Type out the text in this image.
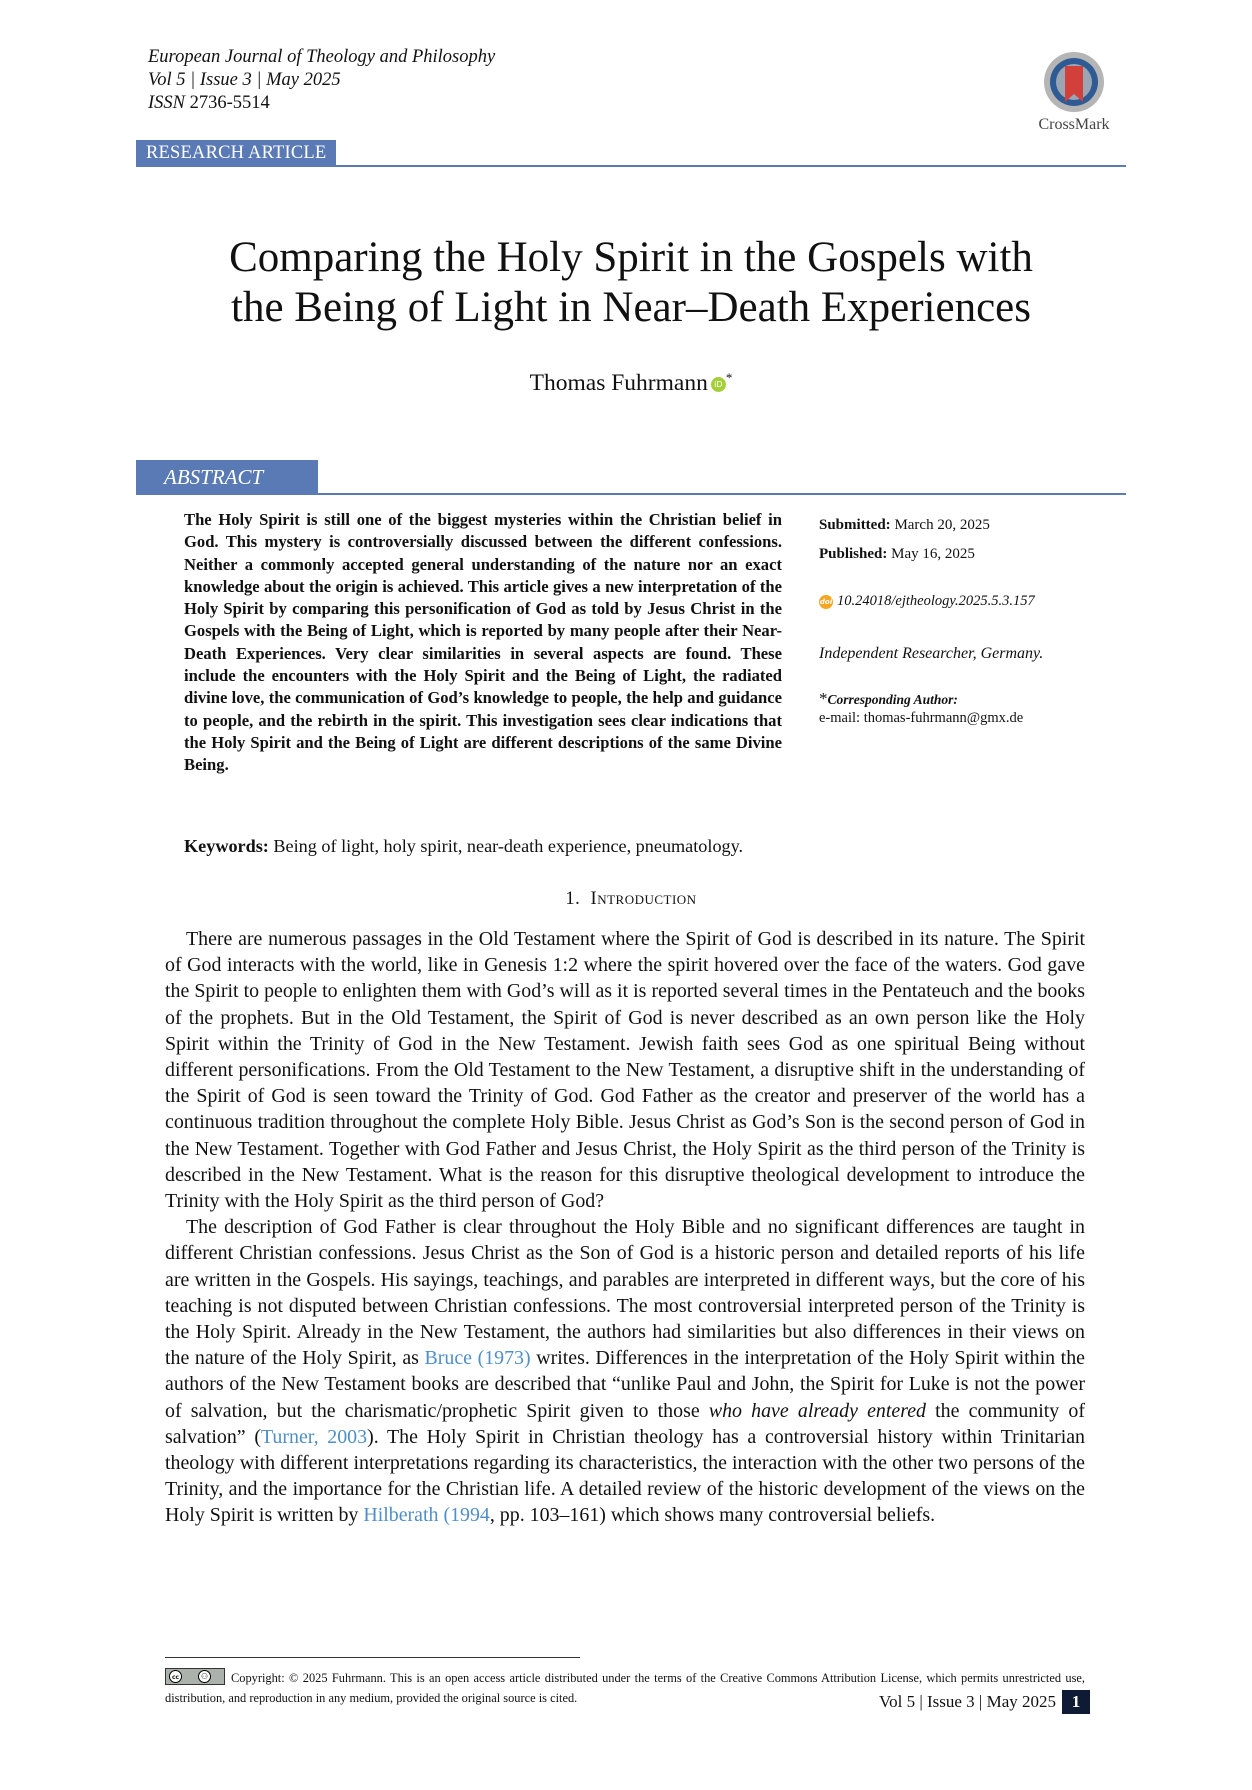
European Journal of Theology and Philosophy
Vol 5 | Issue 3 | May 2025
ISSN 2736-5514
CrossMark
RESEARCH ARTICLE
Comparing the Holy Spirit in the Gospels with
the Being of Light in Near–Death Experiences
Thomas Fuhrmann iD *
ABSTRACT
The Holy Spirit is still one of the biggest mysteries within the Christian belief in God. This mystery is controversially discussed between the different confessions. Neither a commonly accepted general understanding of the nature nor an exact knowledge about the origin is achieved. This article gives a new interpretation of the Holy Spirit by comparing this personification of God as told by Jesus Christ in the Gospels with the Being of Light, which is reported by many people after their Near-Death Experiences. Very clear similarities in several aspects are found. These include the encounters with the Holy Spirit and the Being of Light, the radiated divine love, the communication of God’s knowledge to people, the help and guidance to people, and the rebirth in the spirit. This investigation sees clear indications that the Holy Spirit and the Being of Light are different descriptions of the same Divine Being.
Keywords: Being of light, holy spirit, near-death experience, pneumatology.
Submitted: March 20, 2025
Published: May 16, 2025
doi 10.24018/ejtheology.2025.5.3.157
Independent Researcher, Germany.
*Corresponding Author:
e-mail: thomas-fuhrmann@gmx.de
1. Introduction

There are numerous passages in the Old Testament where the Spirit of God is described in its nature. The Spirit of God interacts with the world, like in Genesis 1:2 where the spirit hovered over the face of the waters. God gave the Spirit to people to enlighten them with God’s will as it is reported several times in the Pentateuch and the books of the prophets. But in the Old Testament, the Spirit of God is never described as an own person like the Holy Spirit within the Trinity of God in the New Testament. Jewish faith sees God as one spiritual Being without different personifications. From the Old Testament to the New Testament, a disruptive shift in the understanding of the Spirit of God is seen toward the Trinity of God. God Father as the creator and preserver of the world has a continuous tradition throughout the complete Holy Bible. Jesus Christ as God’s Son is the second person of God in the New Testament. Together with God Father and Jesus Christ, the Holy Spirit as the third person of the Trinity is described in the New Testament. What is the reason for this disruptive theological development to introduce the Trinity with the Holy Spirit as the third person of God?

The description of God Father is clear throughout the Holy Bible and no significant differences are taught in different Christian confessions. Jesus Christ as the Son of God is a historic person and detailed reports of his life are written in the Gospels. His sayings, teachings, and parables are interpreted in different ways, but the core of his teaching is not disputed between Christian confessions. The most controversial interpreted person of the Trinity is the Holy Spirit. Already in the New Testament, the authors had similarities but also differences in their views on the nature of the Holy Spirit, as Bruce (1973) writes. Differences in the interpretation of the Holy Spirit within the authors of the New Testament books are described that “unlike Paul and John, the Spirit for Luke is not the power of salvation, but the charismatic/prophetic Spirit given to those who have already entered the community of salvation” (Turner, 2003). The Holy Spirit in Christian theology has a controversial history within Trinitarian theology with different interpretations regarding its characteristics, the interaction with the other two persons of the Trinity, and the importance for the Christian life. A detailed review of the historic development of the views on the Holy Spirit is written by Hilberath (1994, pp. 103–161) which shows many controversial beliefs.

cc	⚇ Copyright: © 2025 Fuhrmann. This is an open access article distributed under the terms of the Creative Commons Attribution License, which permits unrestricted use, distribution, and reproduction in any medium, provided the original source is cited.	Vol 5 | Issue 3 | May 2025 1
